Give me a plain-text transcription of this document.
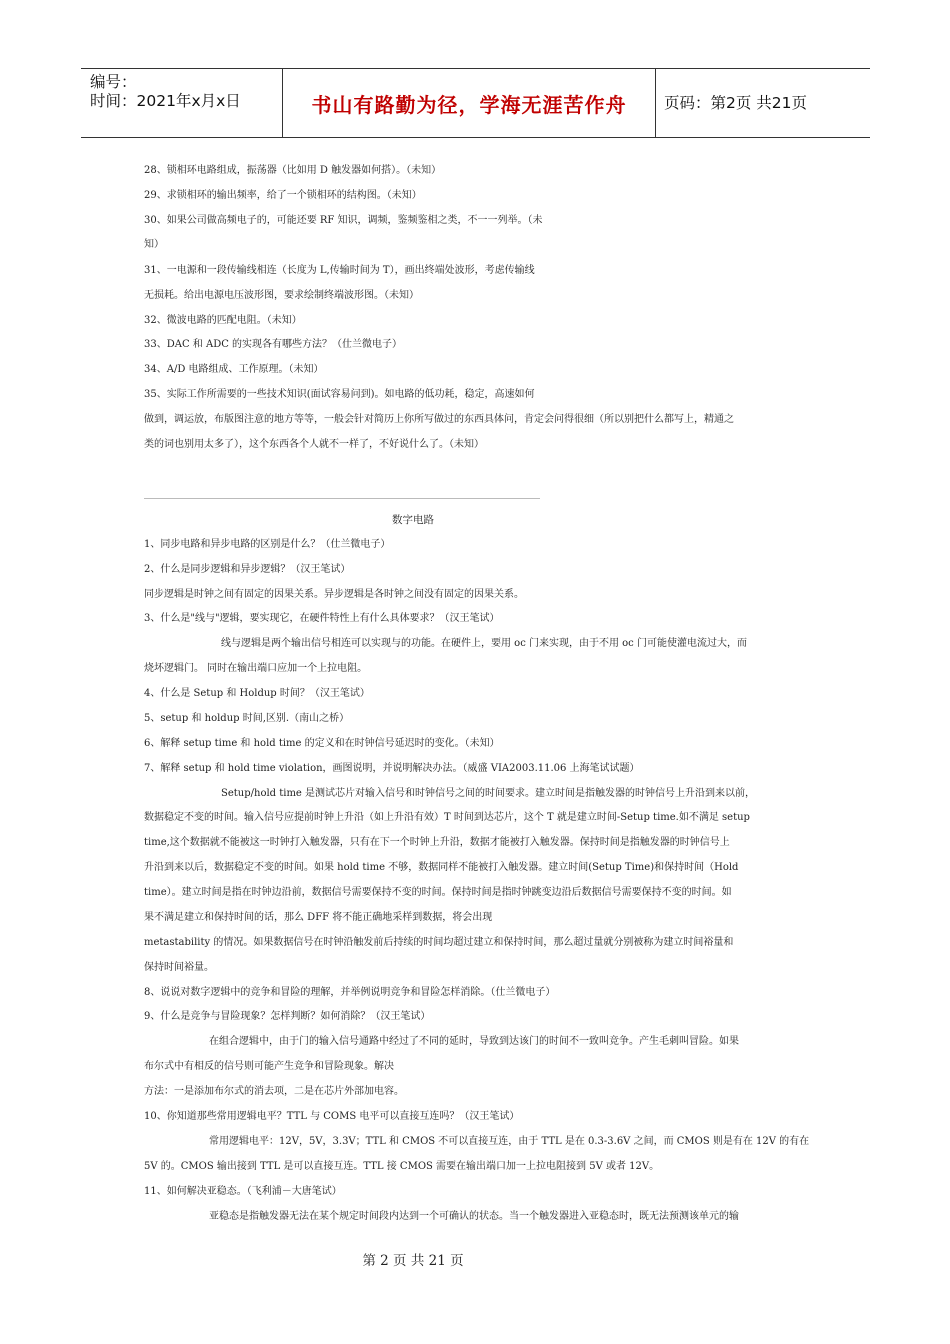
编号：
时间：2021年x月x日	书山有路勤为径，学海无涯苦作舟 页码：第2页 共21页
28、锁相环电路组成，振荡器（比如用 D 触发器如何搭）。（未知）
29、求锁相环的输出频率，给了一个锁相环的结构图。（未知）
30、如果公司做高频电子的，可能还要 RF 知识，调频，鉴频鉴相之类，不一一列举。（未
知）
31、一电源和一段传输线相连（长度为 L,传输时间为 T），画出终端处波形，考虑传输线
无损耗。给出电源电压波形图，要求绘制终端波形图。（未知）
32、微波电路的匹配电阻。（未知）
33、DAC 和 ADC 的实现各有哪些方法？（仕兰微电子）
34、A/D 电路组成、工作原理。（未知）
35、实际工作所需要的一些技术知识(面试容易问到)。如电路的低功耗，稳定，高速如何
做到，调运放，布版图注意的地方等等，一般会针对简历上你所写做过的东西具体问，肯定会问得很细（所以别把什么都写上，精通之
类的词也别用太多了），这个东西各个人就不一样了，不好说什么了。（未知）
数字电路
1、同步电路和异步电路的区别是什么？（仕兰微电子）
2、什么是同步逻辑和异步逻辑？（汉王笔试）
同步逻辑是时钟之间有固定的因果关系。异步逻辑是各时钟之间没有固定的因果关系。
3、什么是"线与"逻辑，要实现它，在硬件特性上有什么具体要求？（汉王笔试）
线与逻辑是两个输出信号相连可以实现与的功能。在硬件上，要用 oc 门来实现，由于不用 oc 门可能使灌电流过大，而
烧坏逻辑门。 同时在输出端口应加一个上拉电阻。
4、什么是 Setup 和 Holdup 时间？（汉王笔试）
5、setup 和 holdup 时间,区别.（南山之桥）
6、解释 setup time 和 hold time 的定义和在时钟信号延迟时的变化。（未知）
7、解释 setup 和 hold time violation，画图说明，并说明解决办法。（威盛 VIA2003.11.06 上海笔试试题）
Setup/hold time 是测试芯片对输入信号和时钟信号之间的时间要求。建立时间是指触发器的时钟信号上升沿到来以前，
数据稳定不变的时间。输入信号应提前时钟上升沿（如上升沿有效）T 时间到达芯片，这个 T 就是建立时间-Setup time.如不满足 setup
time,这个数据就不能被这一时钟打入触发器，只有在下一个时钟上升沿，数据才能被打入触发器。保持时间是指触发器的时钟信号上
升沿到来以后，数据稳定不变的时间。如果 hold time 不够，数据同样不能被打入触发器。建立时间(Setup Time)和保持时间（Hold
time）。建立时间是指在时钟边沿前，数据信号需要保持不变的时间。保持时间是指时钟跳变边沿后数据信号需要保持不变的时间。如
果不满足建立和保持时间的话，那么 DFF 将不能正确地采样到数据，将会出现
metastability 的情况。如果数据信号在时钟沿触发前后持续的时间均超过建立和保持时间，那么超过量就分别被称为建立时间裕量和
保持时间裕量。
8、说说对数字逻辑中的竞争和冒险的理解，并举例说明竞争和冒险怎样消除。（仕兰微电子）
9、什么是竞争与冒险现象？怎样判断？如何消除？（汉王笔试）
在组合逻辑中，由于门的输入信号通路中经过了不同的延时，导致到达该门的时间不一致叫竞争。产生毛刺叫冒险。如果
布尔式中有相反的信号则可能产生竞争和冒险现象。解决
方法：一是添加布尔式的消去项，二是在芯片外部加电容。
10、你知道那些常用逻辑电平？TTL 与 COMS 电平可以直接互连吗？（汉王笔试）
常用逻辑电平：12V，5V，3.3V；TTL 和 CMOS 不可以直接互连，由于 TTL 是在 0.3-3.6V 之间，而 CMOS 则是有在 12V 的有在
5V 的。CMOS 输出接到 TTL 是可以直接互连。TTL 接 CMOS 需要在输出端口加一上拉电阻接到 5V 或者 12V。
11、如何解决亚稳态。（飞利浦－大唐笔试）
亚稳态是指触发器无法在某个规定时间段内达到一个可确认的状态。当一个触发器进入亚稳态时，既无法预测该单元的输
第 2 页 共 21 页
